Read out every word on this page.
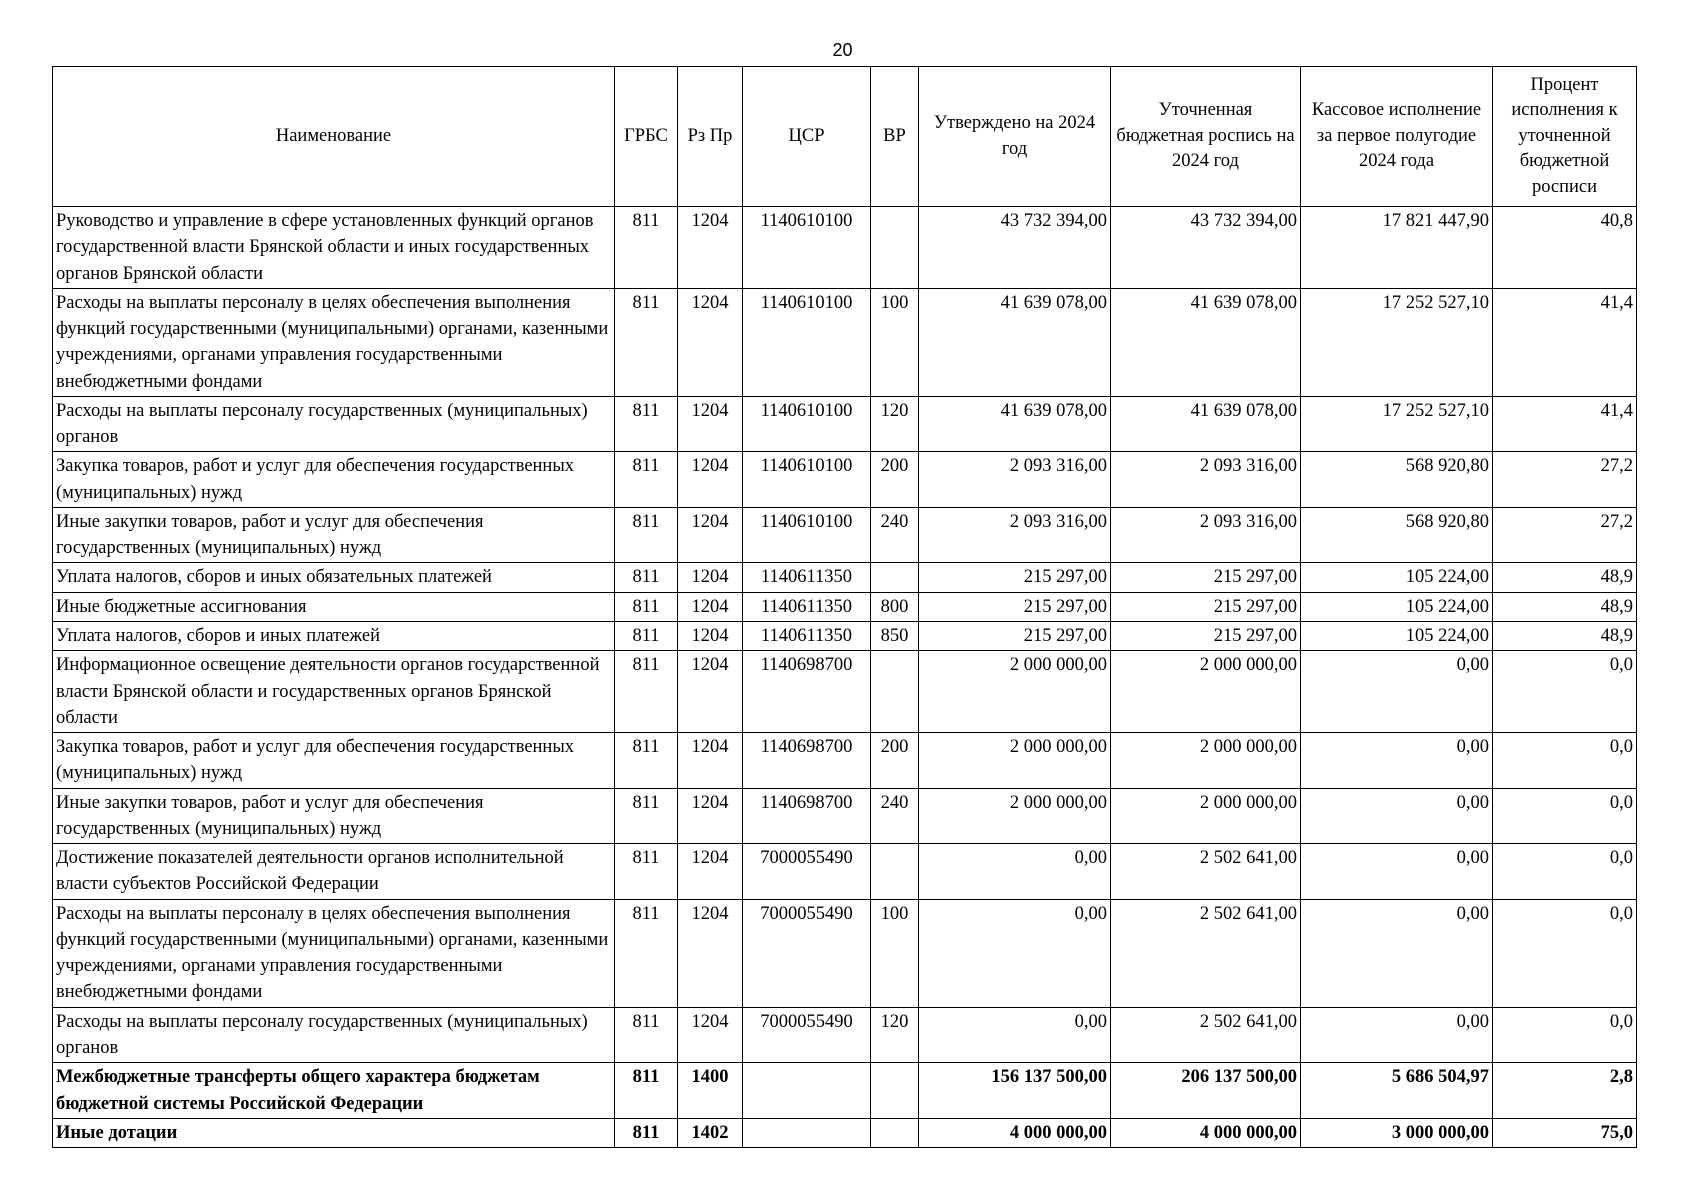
20
Наименование	ГРБС	Рз Пр	ЦСР	ВР	Утверждено на 2024 год	Уточненная бюджетная роспись на 2024 год	Кассовое исполнение за первое полугодие 2024 года	Процент исполнения к уточненной бюджетной росписи
Руководство и управление в сфере установленных функций органов государственной власти Брянской области и иных государственных органов Брянской области	811	1204	1140610100		43 732 394,00	43 732 394,00	17 821 447,90	40,8
Расходы на выплаты персоналу в целях обеспечения выполнения функций государственными (муниципальными) органами, казенными учреждениями, органами управления государственными внебюджетными фондами	811	1204	1140610100	100	41 639 078,00	41 639 078,00	17 252 527,10	41,4
Расходы на выплаты персоналу государственных (муниципальных) органов	811	1204	1140610100	120	41 639 078,00	41 639 078,00	17 252 527,10	41,4
Закупка товаров, работ и услуг для обеспечения государственных (муниципальных) нужд	811	1204	1140610100	200	2 093 316,00	2 093 316,00	568 920,80	27,2
Иные закупки товаров, работ и услуг для обеспечения государственных (муниципальных) нужд	811	1204	1140610100	240	2 093 316,00	2 093 316,00	568 920,80	27,2
Уплата налогов, сборов и иных обязательных платежей	811	1204	1140611350		215 297,00	215 297,00	105 224,00	48,9
Иные бюджетные ассигнования	811	1204	1140611350	800	215 297,00	215 297,00	105 224,00	48,9
Уплата налогов, сборов и иных платежей	811	1204	1140611350	850	215 297,00	215 297,00	105 224,00	48,9
Информационное освещение деятельности органов государственной власти Брянской области и государственных органов Брянской области	811	1204	1140698700		2 000 000,00	2 000 000,00	0,00	0,0
Закупка товаров, работ и услуг для обеспечения государственных (муниципальных) нужд	811	1204	1140698700	200	2 000 000,00	2 000 000,00	0,00	0,0
Иные закупки товаров, работ и услуг для обеспечения государственных (муниципальных) нужд	811	1204	1140698700	240	2 000 000,00	2 000 000,00	0,00	0,0
Достижение показателей деятельности органов исполнительной власти субъектов Российской Федерации	811	1204	7000055490		0,00	2 502 641,00	0,00	0,0
Расходы на выплаты персоналу в целях обеспечения выполнения функций государственными (муниципальными) органами, казенными учреждениями, органами управления государственными внебюджетными фондами	811	1204	7000055490	100	0,00	2 502 641,00	0,00	0,0
Расходы на выплаты персоналу государственных (муниципальных) органов	811	1204	7000055490	120	0,00	2 502 641,00	0,00	0,0
Межбюджетные трансферты общего характера бюджетам бюджетной системы Российской Федерации	811	1400			156 137 500,00	206 137 500,00	5 686 504,97	2,8
Иные дотации	811	1402			4 000 000,00	4 000 000,00	3 000 000,00	75,0
